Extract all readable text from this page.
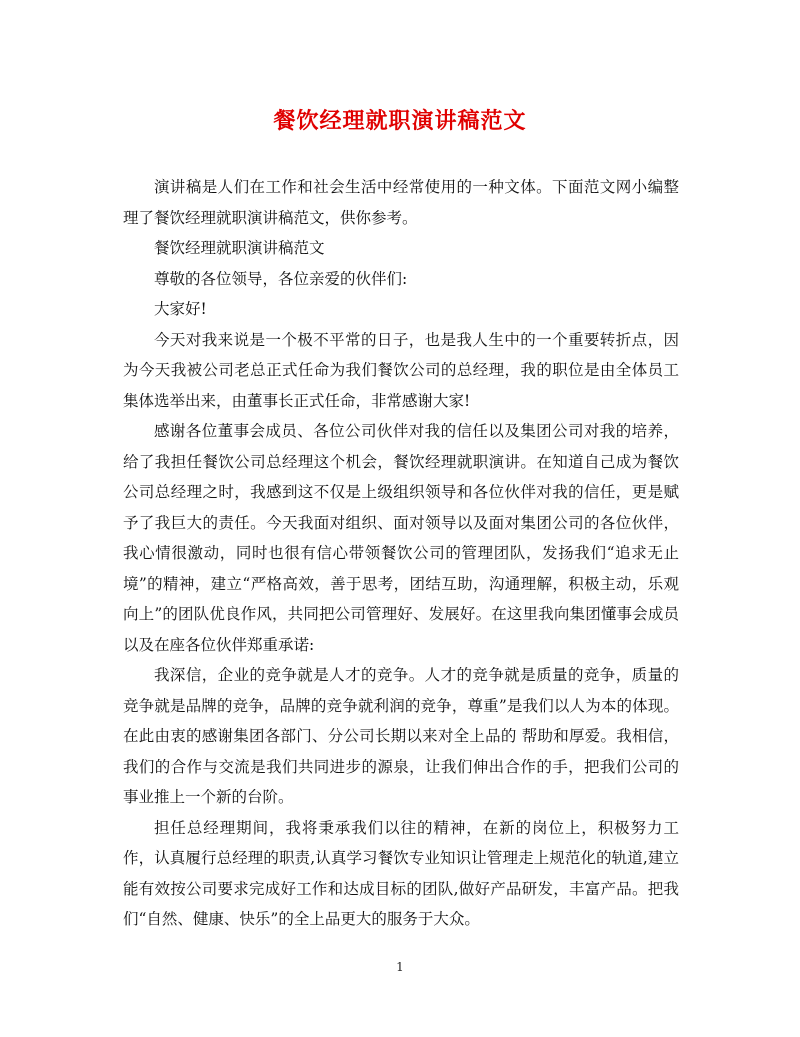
餐饮经理就职演讲稿范文

演讲稿是人们在工作和社会生活中经常使用的一种文体。下面范文网小编整理了餐饮经理就职演讲稿范文，供你参考。

餐饮经理就职演讲稿范文

尊敬的各位领导，各位亲爱的伙伴们:

大家好!

今天对我来说是一个极不平常的日子，也是我人生中的一个重要转折点，因为今天我被公司老总正式任命为我们餐饮公司的总经理，我的职位是由全体员工集体选举出来，由董事长正式任命，非常感谢大家!

感谢各位董事会成员、各位公司伙伴对我的信任以及集团公司对我的培养，给了我担任餐饮公司总经理这个机会，餐饮经理就职演讲。在知道自己成为餐饮公司总经理之时，我感到这不仅是上级组织领导和各位伙伴对我的信任，更是赋予了我巨大的责任。今天我面对组织、面对领导以及面对集团公司的各位伙伴，我心情很激动，同时也很有信心带领餐饮公司的管理团队，发扬我们“追求无止境”的精神，建立“严格高效，善于思考，团结互助，沟通理解，积极主动，乐观向上”的团队优良作风，共同把公司管理好、发展好。在这里我向集团懂事会成员以及在座各位伙伴郑重承诺:

我深信，企业的竞争就是人才的竞争。人才的竞争就是质量的竞争，质量的竞争就是品牌的竞争，品牌的竞争就利润的竞争，尊重”是我们以人为本的体现。在此由衷的感谢集团各部门、分公司长期以来对全上品的 帮助和厚爱。我相信，我们的合作与交流是我们共同进步的源泉，让我们伸出合作的手，把我们公司的事业推上一个新的台阶。

担任总经理期间，我将秉承我们以往的精神，在新的岗位上，积极努力工作，认真履行总经理的职责,认真学习餐饮专业知识让管理走上规范化的轨道,建立能有效按公司要求完成好工作和达成目标的团队,做好产品研发，丰富产品。把我们“自然、健康、快乐”的全上品更大的服务于大众。

1
